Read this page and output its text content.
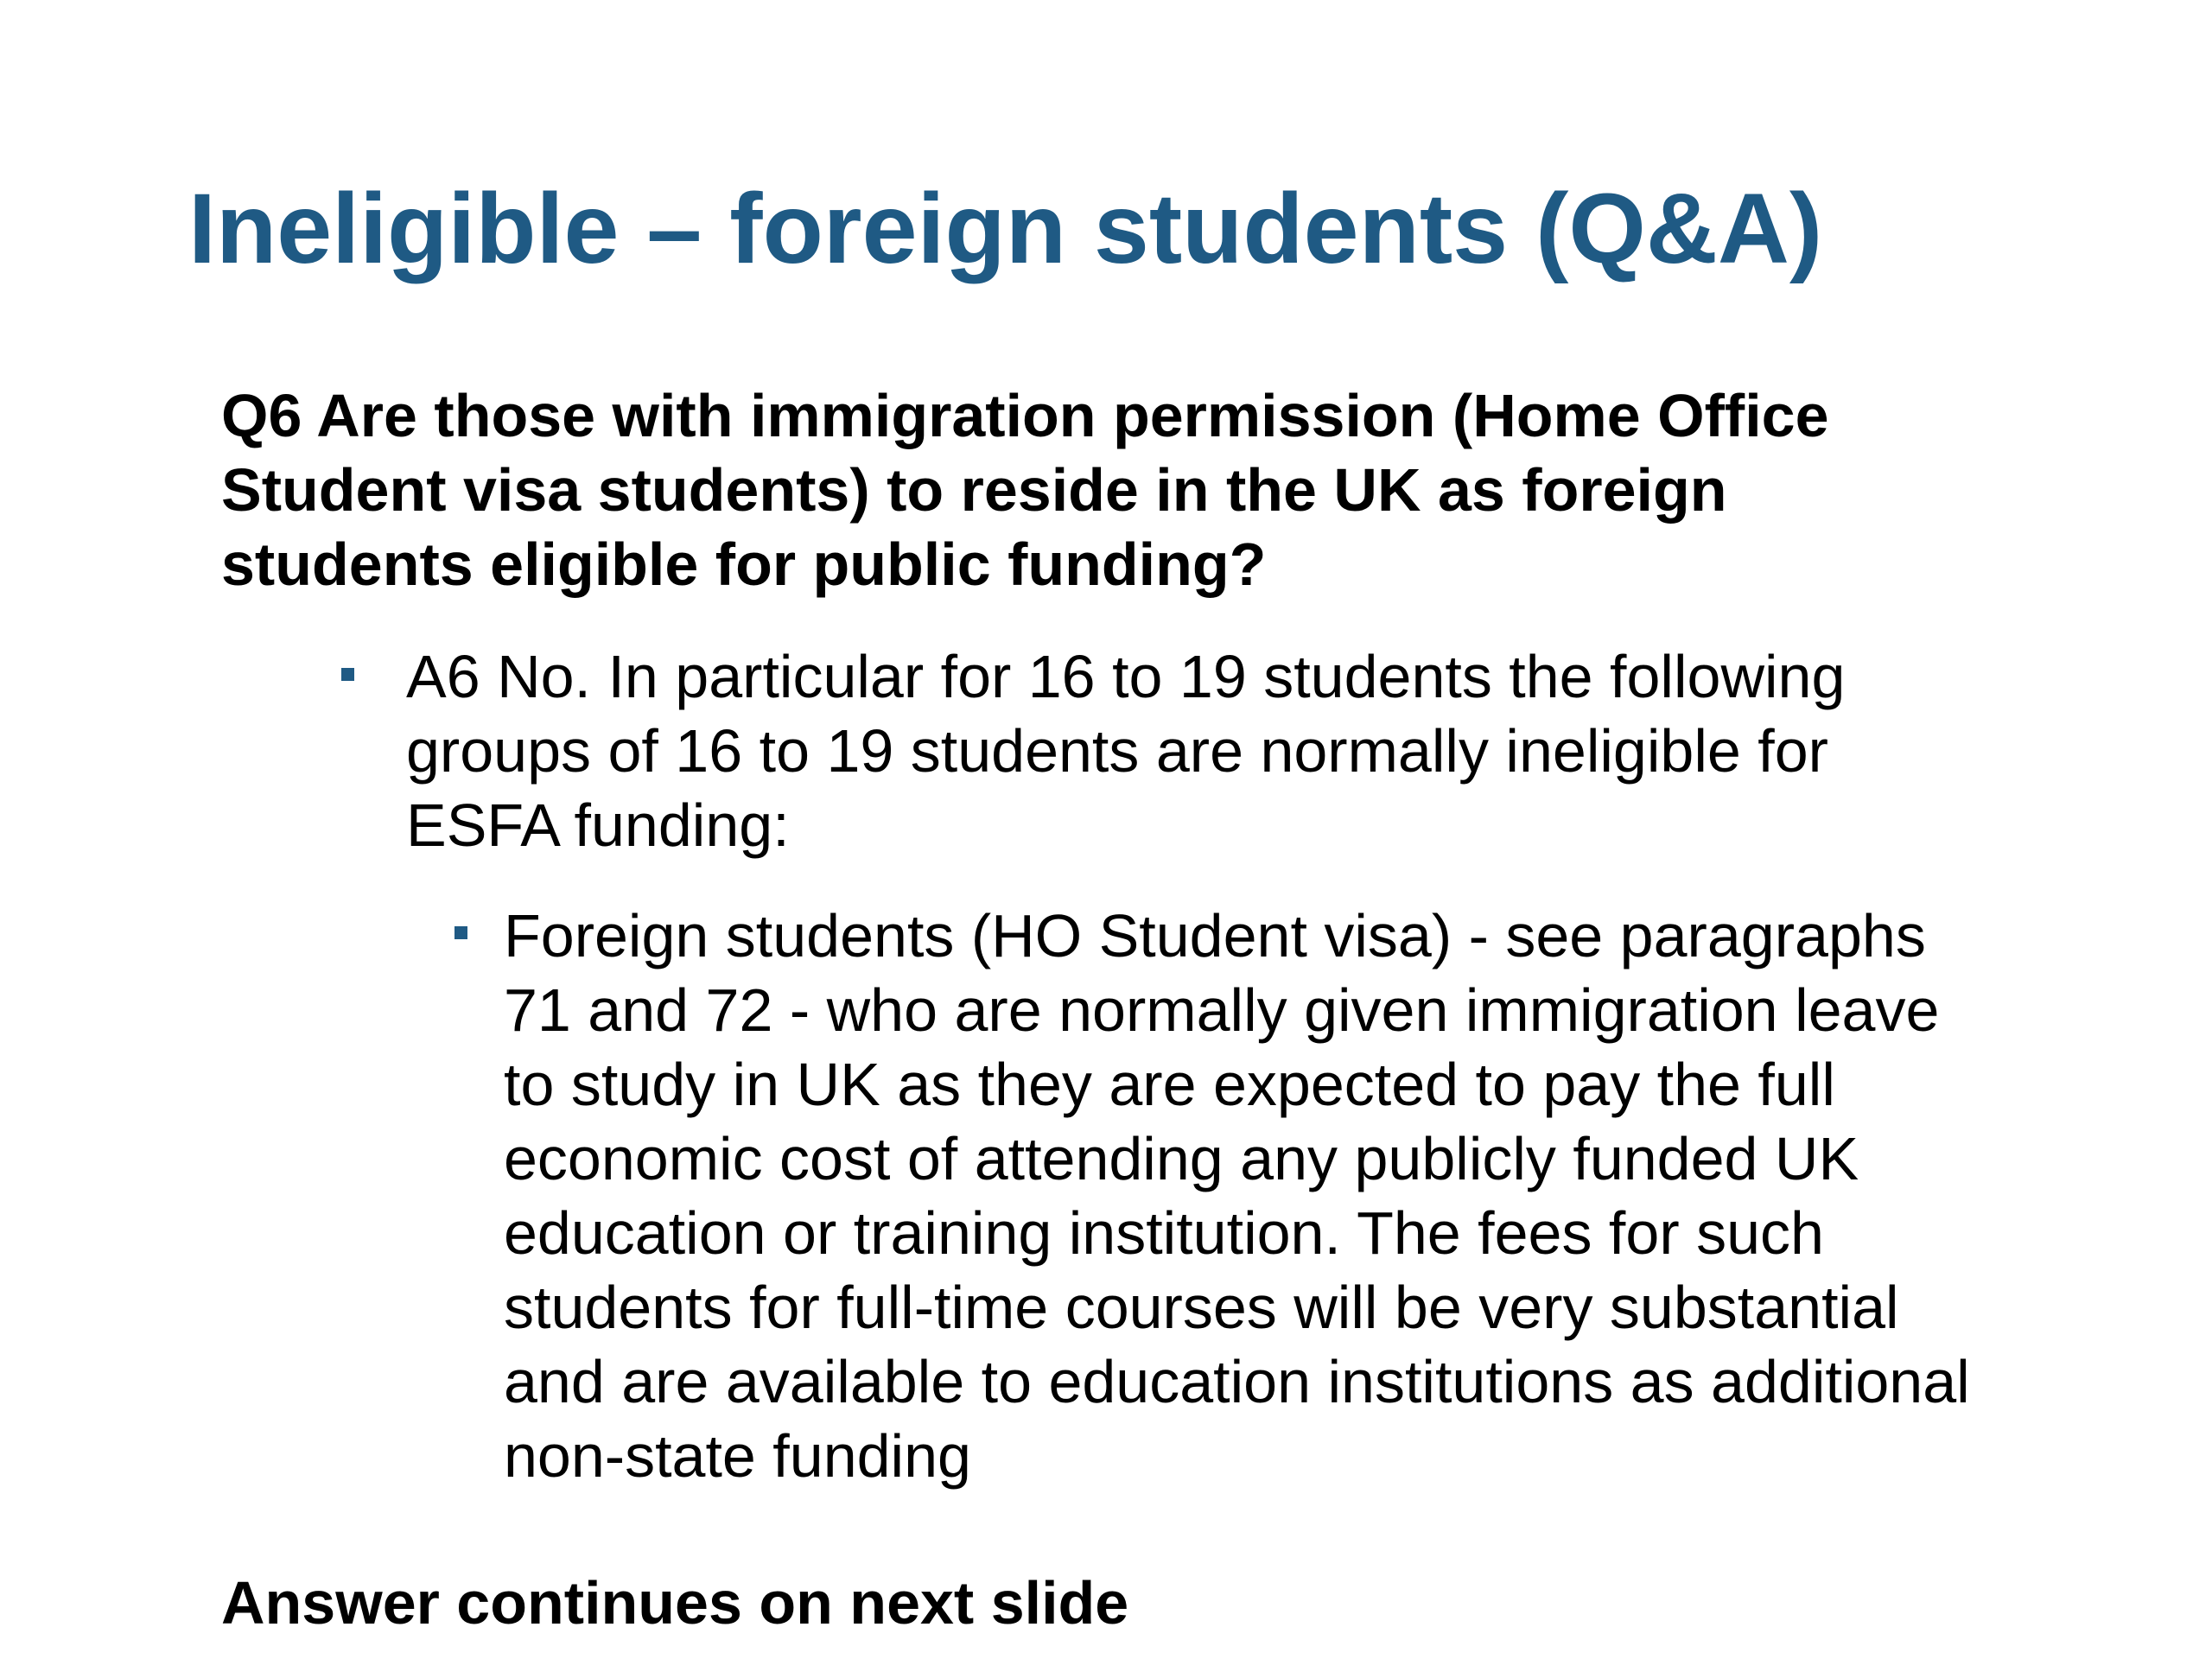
Ineligible – foreign students (Q&A)

Q6 Are those with immigration permission (Home Office
Student visa students) to reside in the UK as foreign
students eligible for public funding?

A6 No. In particular for 16 to 19 students the following
groups of 16 to 19 students are normally ineligible for
ESFA funding:

Foreign students (HO Student visa) - see paragraphs
71 and 72 - who are normally given immigration leave
to study in UK as they are expected to pay the full
economic cost of attending any publicly funded UK
education or training institution. The fees for such
students for full-time courses will be very substantial
and are available to education institutions as additional
non-state funding

Answer continues on next slide
